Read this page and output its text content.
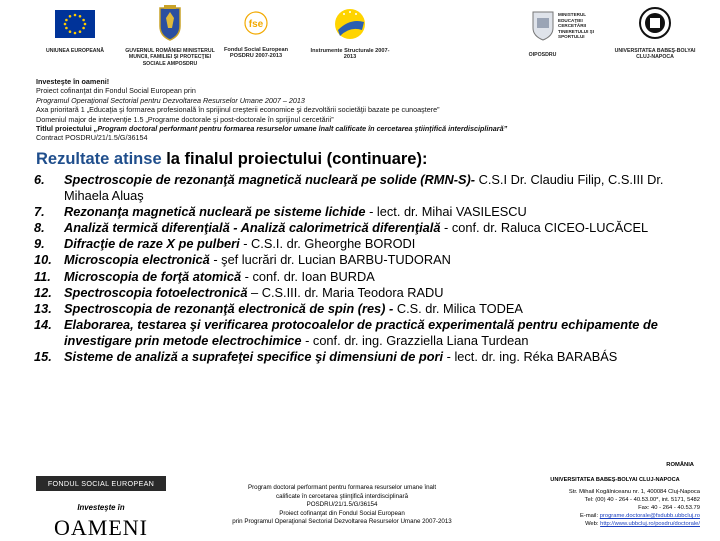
UNIUNEA EUROPEANĂ	GUVERNUL ROMÂNIEI MINISTERUL MUNCII, FAMILIEI ŞI PROTECŢIEI SOCIALE AMPOSDRU
fse
Fondul Social European POSDRU 2007-2013
Instrumente Structurale 2007-2013	OIPOSDRU
MINISTERUL EDUCAŢIEI CERCETĂRII TINERETULUI ŞI SPORTULUI
UNIVERSITATEA BABEŞ-BOLYAI CLUJ-NAPOCA
Investeşte în oameni!
Proiect cofinanţat din Fondul Social European prin
Programul Operaţional Sectorial pentru Dezvoltarea Resurselor Umane 2007 – 2013
Axa prioritară 1 „Educaţia şi formarea profesională în sprijinul creşterii economice şi dezvoltării societăţii bazate pe cunoaştere”
Domeniul major de intervenţie 1.5 „Programe doctorale şi post-doctorale în sprijinul cercetării”
Titlul proiectului „Program doctoral performant pentru formarea resurselor umane înalt calificate în cercetarea ştiinţifică interdisciplinară”
Contract POSDRU/21/1.5/G/36154
Rezultate atinse la finalul proiectului (continuare):
6.	Spectroscopie de rezonanţă magnetică nucleară pe solide (RMN-S)- C.S.I Dr. Claudiu Filip, C.S.III Dr. Mihaela Aluaş
7.	Rezonanţa magnetică nucleară pe sisteme lichide - lect. dr. Mihai VASILESCU
8.	Analiză termică diferenţială - Analiză calorimetrică diferenţială - conf. dr. Raluca CICEO-LUCĂCEL
9.	Difracţie de raze X pe pulberi - C.S.I. dr. Gheorghe BORODI
10. Microscopia electronică - şef lucrări dr. Lucian BARBU-TUDORAN
11.	Microscopia de forţă atomică - conf. dr. Ioan BURDA
12. Spectroscopia fotoelectronică – C.S.III. dr. Maria Teodora RADU
13. Spectroscopia de rezonanţă electronică de spin (res) - C.S. dr. Milica TODEA
14. Elaborarea, testarea şi verificarea protocoalelor de practică experimentală pentru echipamente de investigare prin metode electrochimice - conf. dr. ing. Grazziella Liana Turdean
15. Sisteme de analiză a suprafeţei specifice şi dimensiuni de pori - lect. dr. ing. Réka BARABÁS
ROMÂNIA
FONDUL SOCIAL EUROPEAN
Investeşte în
OAMENI
Program doctoral performant pentru formarea resurselor umane înalt
calificate în cercetarea ştiinţifică interdisciplinară
POSDRU/21/1.5/G/36154
Proiect cofinanţat din Fondul Social European
prin Programul Operaţional Sectorial Dezvoltarea Resurselor Umane 2007-2013
UNIVERSITATEA BABEŞ-BOLYAI CLUJ-NAPOCA
Str. Mihail Kogălniceanu nr. 1, 400084 Cluj-Napoca
Tel: (00) 40 - 264 - 40.53.00*, int. 5171, 5482
Fax: 40 - 264 - 40.53.79
E-mail: programe.doctorale@fsdubb.ubbcluj.ro
Web: http://www.ubbcluj.ro/posdru/doctorale/
